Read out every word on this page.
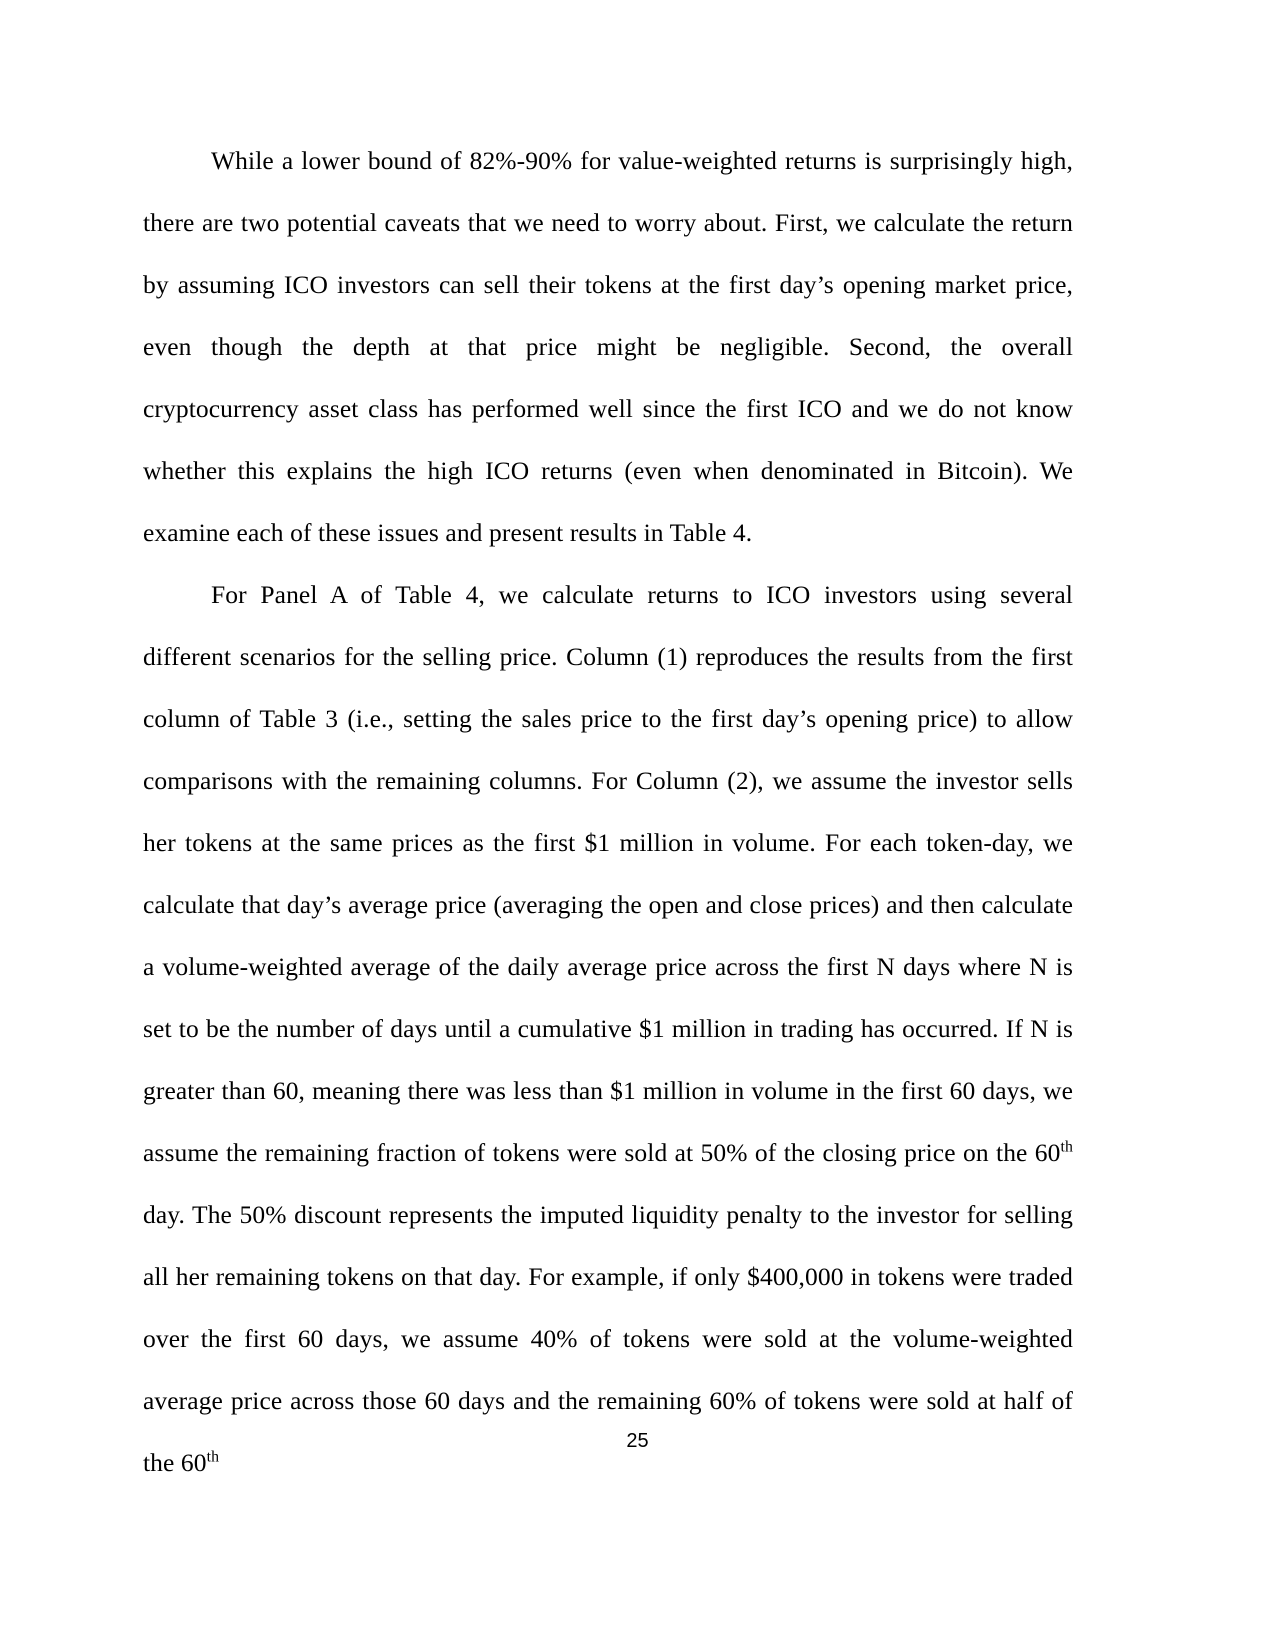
While a lower bound of 82%-90% for value-weighted returns is surprisingly high, there are two potential caveats that we need to worry about. First, we calculate the return by assuming ICO investors can sell their tokens at the first day’s opening market price, even though the depth at that price might be negligible. Second, the overall cryptocurrency asset class has performed well since the first ICO and we do not know whether this explains the high ICO returns (even when denominated in Bitcoin). We examine each of these issues and present results in Table 4.

For Panel A of Table 4, we calculate returns to ICO investors using several different scenarios for the selling price. Column (1) reproduces the results from the first column of Table 3 (i.e., setting the sales price to the first day’s opening price) to allow comparisons with the remaining columns. For Column (2), we assume the investor sells her tokens at the same prices as the first $1 million in volume. For each token-day, we calculate that day’s average price (averaging the open and close prices) and then calculate a volume-weighted average of the daily average price across the first N days where N is set to be the number of days until a cumulative $1 million in trading has occurred. If N is greater than 60, meaning there was less than $1 million in volume in the first 60 days, we assume the remaining fraction of tokens were sold at 50% of the closing price on the 60th day. The 50% discount represents the imputed liquidity penalty to the investor for selling all her remaining tokens on that day. For example, if only $400,000 in tokens were traded over the first 60 days, we assume 40% of tokens were sold at the volume-weighted average price across those 60 days and the remaining 60% of tokens were sold at half of the 60th

25
